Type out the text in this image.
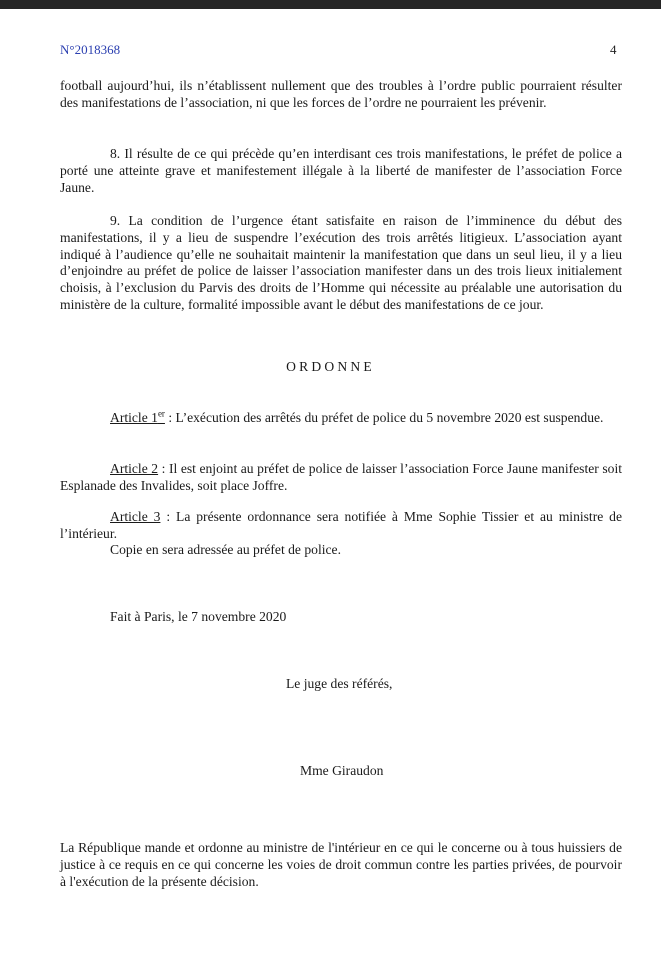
N°2018368	4

football aujourd’hui, ils n’établissent nullement que des troubles à l’ordre public pourraient résulter des manifestations de l’association, ni que les forces de l’ordre ne pourraient les prévenir.

8. Il résulte de ce qui précède qu’en interdisant ces trois manifestations, le préfet de police a porté une atteinte grave et manifestement illégale à la liberté de manifester de l’association Force Jaune.

9. La condition de l’urgence étant satisfaite en raison de l’imminence du début des manifestations, il y a lieu de suspendre l’exécution des trois arrêtés litigieux. L’association ayant indiqué à l’audience qu’elle ne souhaitait maintenir la manifestation que dans un seul lieu, il y a lieu d’enjoindre au préfet de police de laisser l’association manifester dans un des trois lieux initialement choisis, à l’exclusion du Parvis des droits de l’Homme qui nécessite au préalable une autorisation du ministère de la culture, formalité impossible avant le début des manifestations de ce jour.

ORDONNE

Article 1er : L’exécution des arrêtés du préfet de police du 5 novembre 2020 est suspendue.

Article 2 : Il est enjoint au préfet de police de laisser l’association Force Jaune manifester soit Esplanade des Invalides, soit place Joffre.

Article 3 : La présente ordonnance sera notifiée à Mme Sophie Tissier et au ministre de l’intérieur.

Copie en sera adressée au préfet de police.
Fait à Paris, le 7 novembre 2020
Le juge des référés,
Mme Giraudon

La République mande et ordonne au ministre de l'intérieur en ce qui le concerne ou à tous huissiers de justice à ce requis en ce qui concerne les voies de droit commun contre les parties privées, de pourvoir à l'exécution de la présente décision.
